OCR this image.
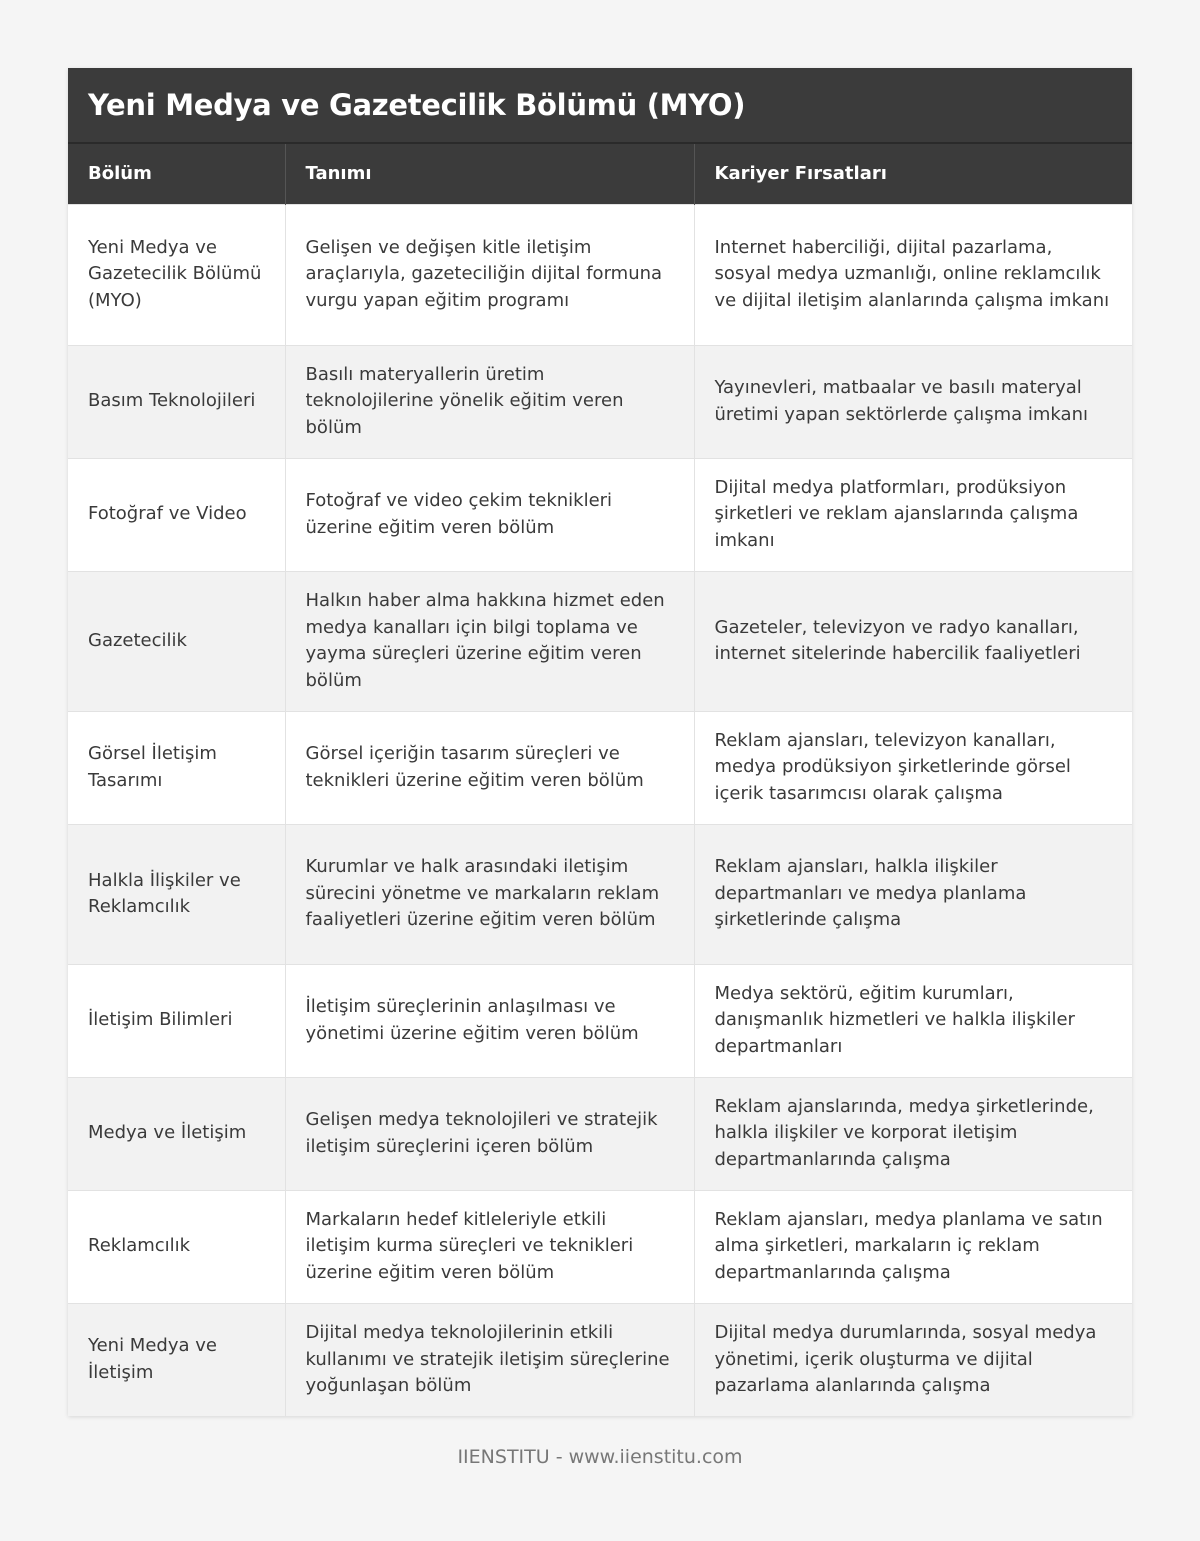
Yeni Medya ve Gazetecilik Bölümü (MYO)
Bölüm	Tanımı	Kariyer Fırsatları
Yeni Medya ve Gazetecilik Bölümü (MYO)	Gelişen ve değişen kitle iletişim araçlarıyla, gazeteciliğin dijital formuna vurgu yapan eğitim programı	Internet haberciliği, dijital pazarlama, sosyal medya uzmanlığı, online reklamcılık ve dijital iletişim alanlarında çalışma imkanı
Basım Teknolojileri	Basılı materyallerin üretim teknolojilerine yönelik eğitim veren bölüm	Yayınevleri, matbaalar ve basılı materyal üretimi yapan sektörlerde çalışma imkanı
Fotoğraf ve Video	Fotoğraf ve video çekim teknikleri üzerine eğitim veren bölüm	Dijital medya platformları, prodüksiyon şirketleri ve reklam ajanslarında çalışma imkanı
Gazetecilik	Halkın haber alma hakkına hizmet eden medya kanalları için bilgi toplama ve yayma süreçleri üzerine eğitim veren bölüm	Gazeteler, televizyon ve radyo kanalları, internet sitelerinde habercilik faaliyetleri
Görsel İletişim Tasarımı	Görsel içeriğin tasarım süreçleri ve teknikleri üzerine eğitim veren bölüm	Reklam ajansları, televizyon kanalları, medya prodüksiyon şirketlerinde görsel içerik tasarımcısı olarak çalışma
Halkla İlişkiler ve Reklamcılık	Kurumlar ve halk arasındaki iletişim sürecini yönetme ve markaların reklam faaliyetleri üzerine eğitim veren bölüm	Reklam ajansları, halkla ilişkiler departmanları ve medya planlama şirketlerinde çalışma
İletişim Bilimleri	İletişim süreçlerinin anlaşılması ve yönetimi üzerine eğitim veren bölüm	Medya sektörü, eğitim kurumları, danışmanlık hizmetleri ve halkla ilişkiler departmanları
Medya ve İletişim	Gelişen medya teknolojileri ve stratejik iletişim süreçlerini içeren bölüm	Reklam ajanslarında, medya şirketlerinde, halkla ilişkiler ve korporat iletişim departmanlarında çalışma
Reklamcılık	Markaların hedef kitleleriyle etkili iletişim kurma süreçleri ve teknikleri üzerine eğitim veren bölüm	Reklam ajansları, medya planlama ve satın alma şirketleri, markaların iç reklam departmanlarında çalışma
Yeni Medya ve İletişim	Dijital medya teknolojilerinin etkili kullanımı ve stratejik iletişim süreçlerine yoğunlaşan bölüm	Dijital medya durumlarında, sosyal medya yönetimi, içerik oluşturma ve dijital pazarlama alanlarında çalışma
IIENSTITU - www.iienstitu.com
